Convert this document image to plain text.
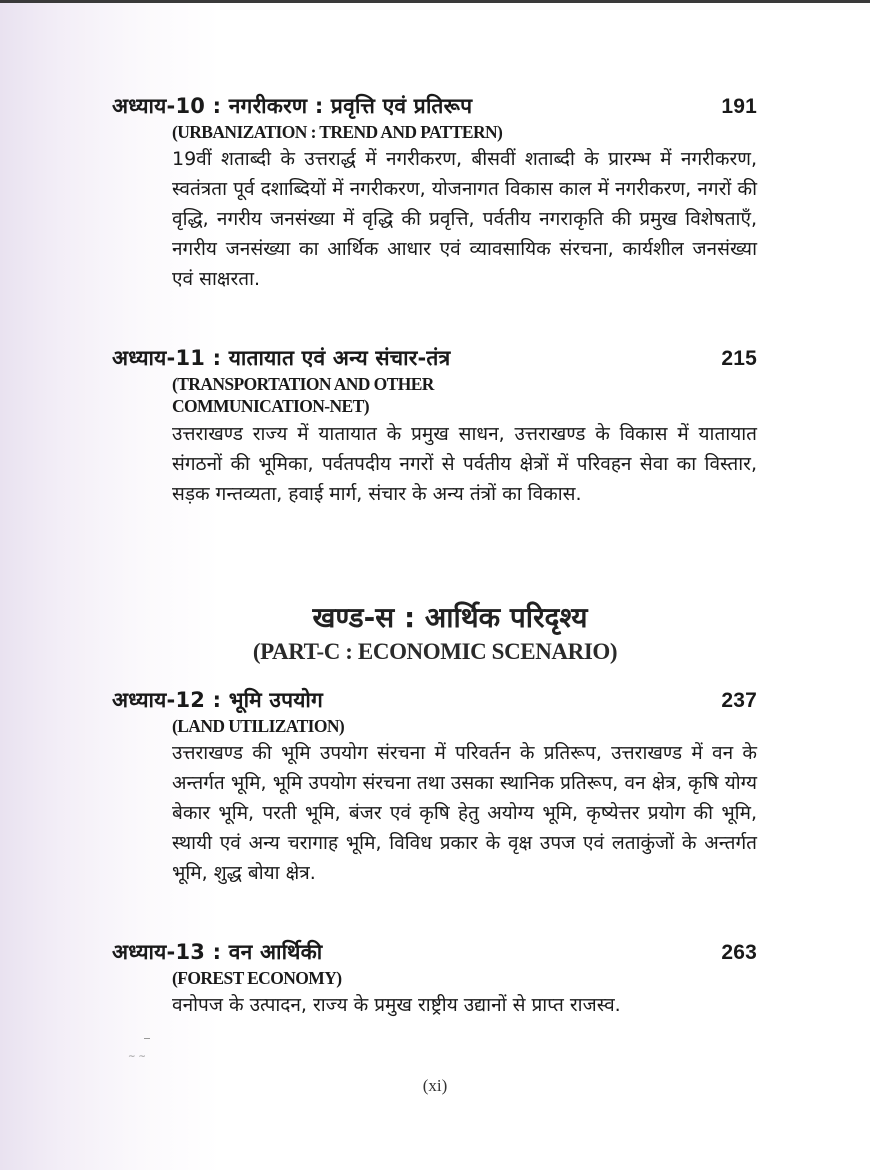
अध्याय-10 : नगरीकरण : प्रवृत्ति एवं प्रतिरूप	191
(URBANIZATION : TREND AND PATTERN)
19वीं शताब्दी के उत्तरार्द्ध में नगरीकरण, बीसवीं शताब्दी के प्रारम्भ में नगरीकरण, स्वतंत्रता पूर्व दशाब्दियों में नगरीकरण, योजनागत विकास काल में नगरीकरण, नगरों की वृद्धि, नगरीय जनसंख्या में वृद्धि की प्रवृत्ति, पर्वतीय नगराकृति की प्रमुख विशेषताएँ, नगरीय जनसंख्या का आर्थिक आधार एवं व्यावसायिक संरचना, कार्यशील जनसंख्या एवं साक्षरता.
अध्याय-11 : यातायात एवं अन्य संचार-तंत्र	215
(TRANSPORTATION AND OTHER
COMMUNICATION-NET)
उत्तराखण्ड राज्य में यातायात के प्रमुख साधन, उत्तराखण्ड के विकास में यातायात संगठनों की भूमिका, पर्वतपदीय नगरों से पर्वतीय क्षेत्रों में परिवहन सेवा का विस्तार, सड़क गन्तव्यता, हवाई मार्ग, संचार के अन्य तंत्रों का विकास.
खण्ड-स : आर्थिक परिदृश्य
(PART-C : ECONOMIC SCENARIO)
अध्याय-12 : भूमि उपयोग	237
(LAND UTILIZATION)
उत्तराखण्ड की भूमि उपयोग संरचना में परिवर्तन के प्रतिरूप, उत्तराखण्ड में वन के अन्तर्गत भूमि, भूमि उपयोग संरचना तथा उसका स्थानिक प्रतिरूप, वन क्षेत्र, कृषि योग्य बेकार भूमि, परती भूमि, बंजर एवं कृषि हेतु अयोग्य भूमि, कृष्येत्तर प्रयोग की भूमि, स्थायी एवं अन्य चरागाह भूमि, विविध प्रकार के वृक्ष उपज एवं लताकुंजों के अन्तर्गत भूमि, शुद्ध बोया क्षेत्र.
अध्याय-13 : वन आर्थिकी	263
(FOREST ECONOMY)
वनोपज के उत्पादन, राज्य के प्रमुख राष्ट्रीय उद्यानों से प्राप्त राजस्व.
~ ~
(xi)
